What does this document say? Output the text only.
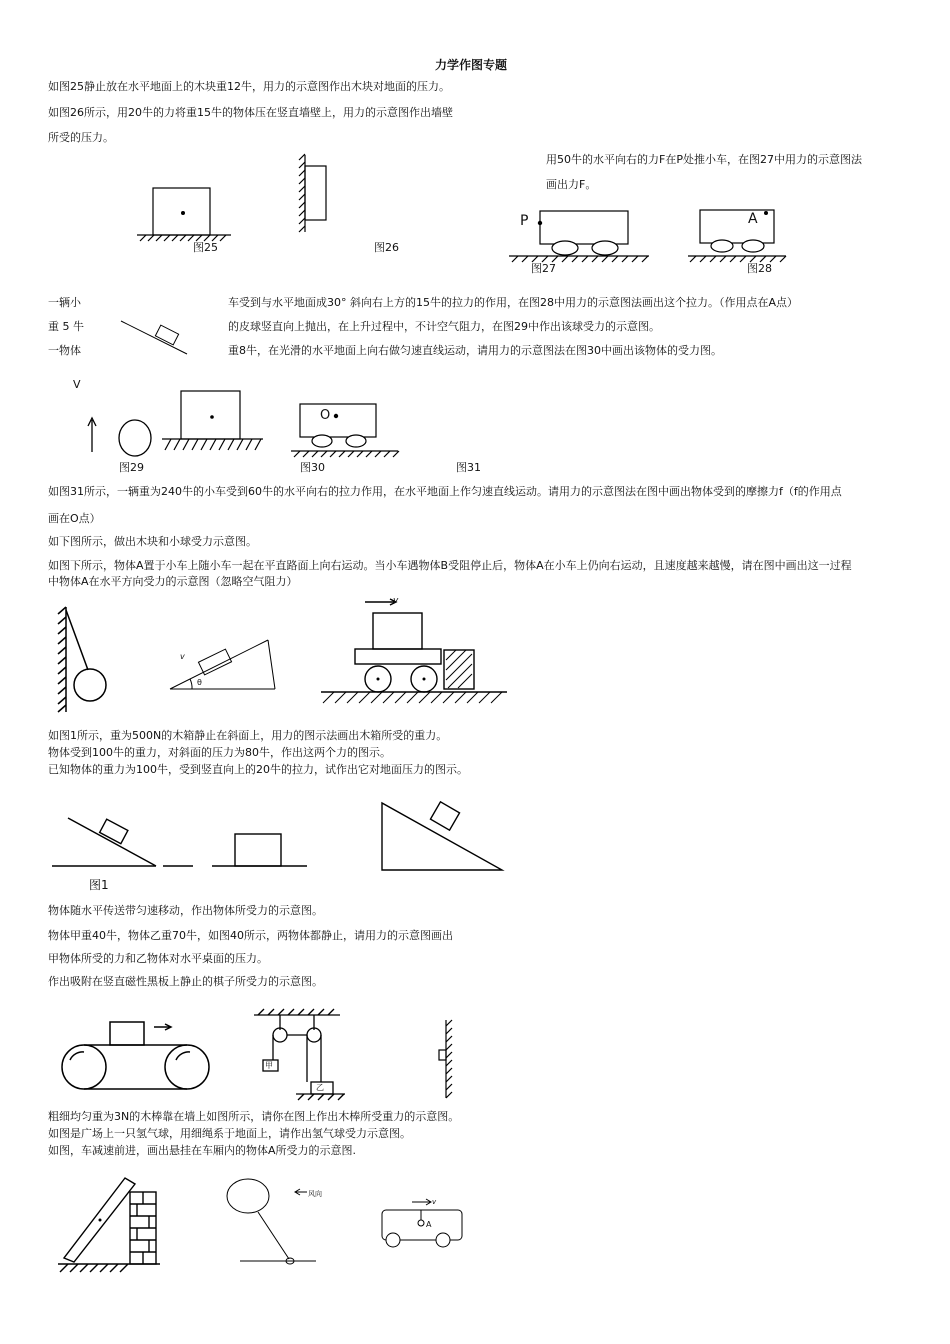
力学作图专题
如图25静止放在水平地面上的木块重12牛，用力的示意图作出木块对地面的压力。
如图26所示，用20牛的力将重15牛的物体压在竖直墙壁上，用力的示意图作出墙壁
所受的压力。
用50牛的水平向右的力F在P处推小车，在图27中用力的示意图法
画出力F。
一辆小	车受到与水平地面成30° 斜向右上方的15牛的拉力的作用，在图28中用力的示意图法画出这个拉力。（作用点在A点）
重 5 牛	的皮球竖直向上抛出，在上升过程中，不计空气阻力，在图29中作出该球受力的示意图。
一物体	重8牛，在光滑的水平地面上向右做匀速直线运动，请用力的示意图法在图30中画出该物体的受力图。
如图31所示，一辆重为240牛的小车受到60牛的水平向右的拉力作用，在水平地面上作匀速直线运动。请用力的示意图法在图中画出物体受到的摩擦力f（f的作用点
画在O点）
如下图所示，做出木块和小球受力示意图。
如图下所示，物体A置于小车上随小车一起在平直路面上向右运动。当小车遇物体B受阻停止后，物体A在小车上仍向右运动，且速度越来越慢，请在图中画出这一过程
中物体A在水平方向受力的示意图（忽略空气阻力）
如图1所示，重为500N的木箱静止在斜面上，用力的图示法画出木箱所受的重力。
物体受到100牛的重力，对斜面的压力为80牛，作出这两个力的图示。
已知物体的重力为100牛，受到竖直向上的20牛的拉力，试作出它对地面压力的图示。
物体随水平传送带匀速移动，作出物体所受力的示意图。
物体甲重40牛，物体乙重70牛，如图40所示，两物体都静止，请用力的示意图画出
甲物体所受的力和乙物体对水平桌面的压力。
作出吸附在竖直磁性黑板上静止的棋子所受力的示意图。
粗细均匀重为3N的木棒靠在墙上如图所示，请你在图上作出木棒所受重力的示意图。
如图是广场上一只氢气球，用细绳系于地面上，请作出氢气球受力示意图。
如图，车减速前进，画出悬挂在车厢内的物体A所受力的示意图.
图25	图26
图27	图28
P	A
V
O
图29	图30	图31
v
θ
v
图1
甲
乙
风向
A
v
